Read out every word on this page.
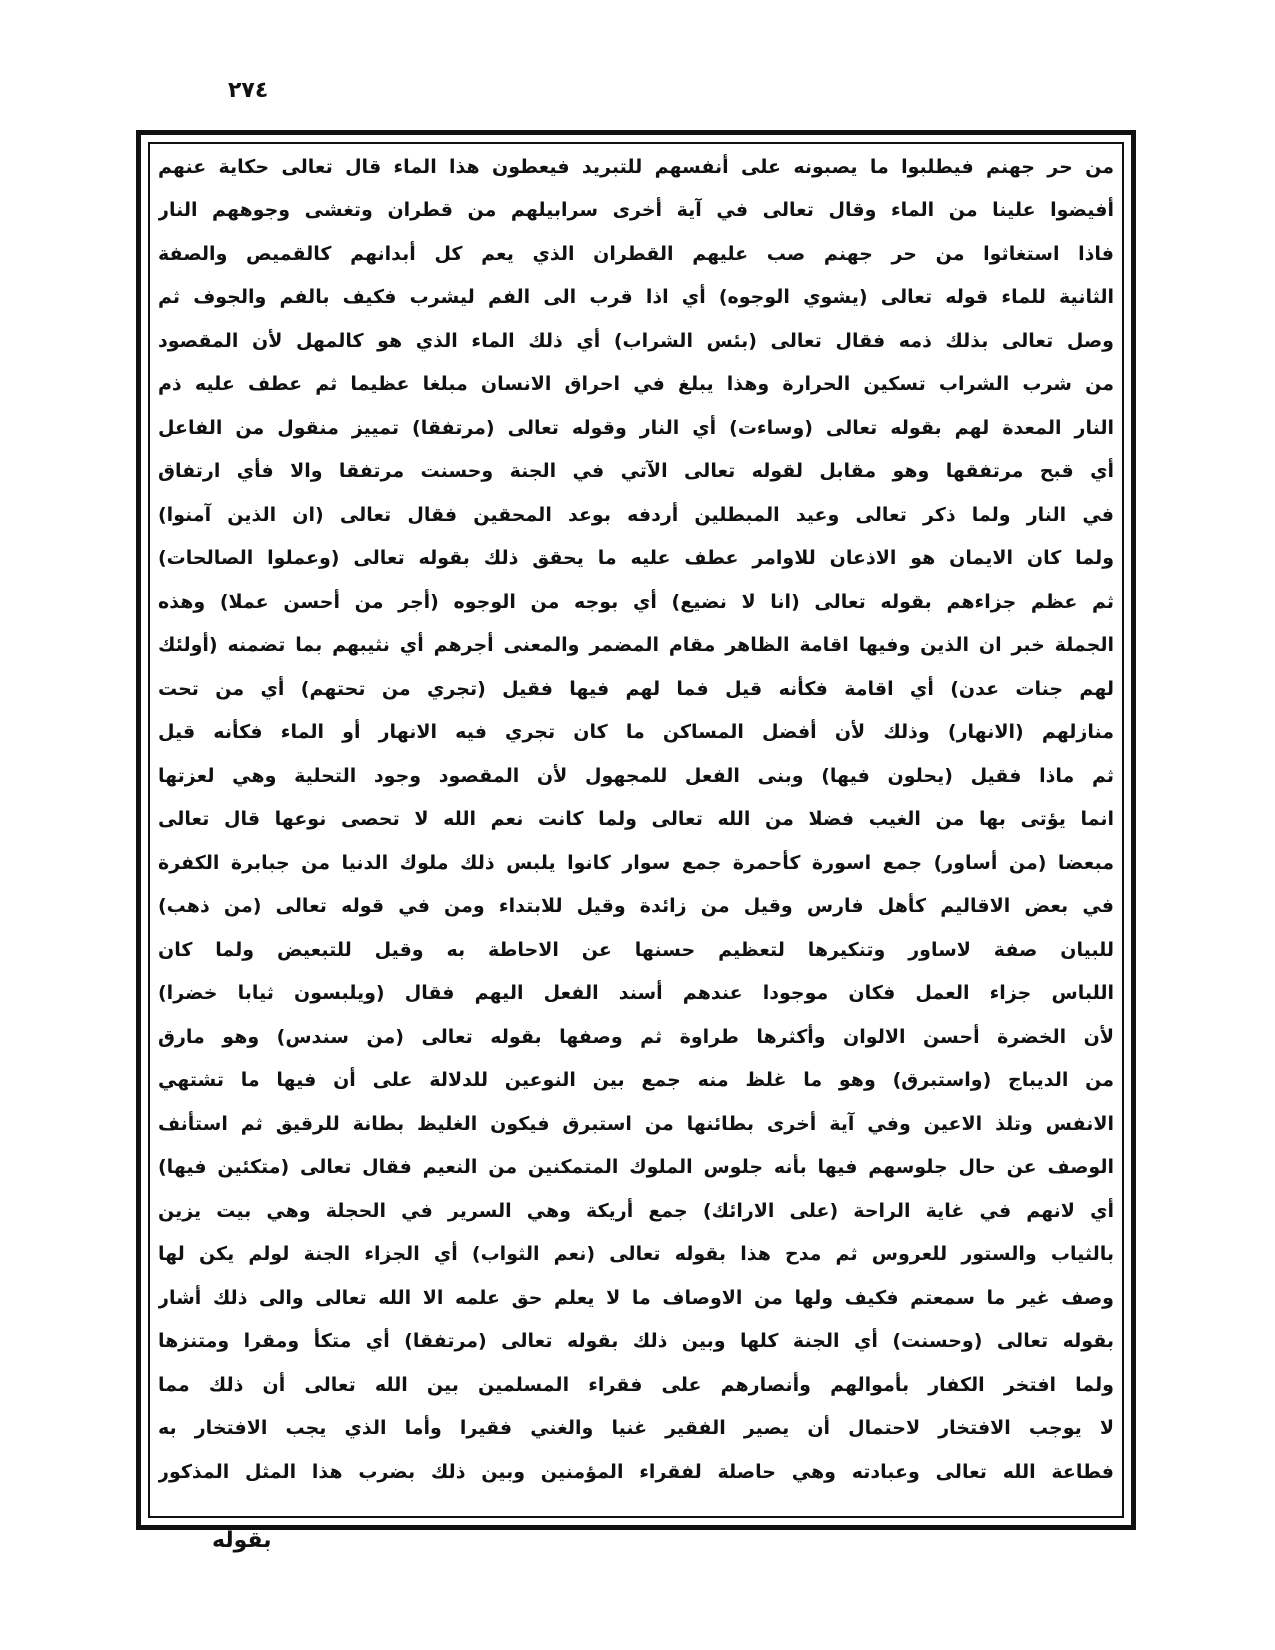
٢٧٤
من حر جهنم فيطلبوا ما يصبونه على أنفسهم للتبريد فيعطون هذا الماء قال تعالى حكاية عنهم
أفيضوا علينا من الماء وقال تعالى في آية أخرى سرابيلهم من قطران وتغشى وجوههم النار
فاذا استغاثوا من حر جهنم صب عليهم القطران الذي يعم كل أبدانهم كالقميص والصفة
الثانية للماء قوله تعالى (يشوي الوجوه) أي اذا قرب الى الفم ليشرب فكيف بالفم والجوف ثم
وصل تعالى بذلك ذمه فقال تعالى (بئس الشراب) أي ذلك الماء الذي هو كالمهل لأن المقصود
من شرب الشراب تسكين الحرارة وهذا يبلغ في احراق الانسان مبلغا عظيما ثم عطف عليه ذم
النار المعدة لهم بقوله تعالى (وساءت) أي النار وقوله تعالى (مرتفقا) تمييز منقول من الفاعل
أي قبح مرتفقها وهو مقابل لقوله تعالى الآتي في الجنة وحسنت مرتفقا والا فأي ارتفاق
في النار ولما ذكر تعالى وعيد المبطلين أردفه بوعد المحقين فقال تعالى (ان الذين آمنوا)
ولما كان الايمان هو الاذعان للاوامر عطف عليه ما يحقق ذلك بقوله تعالى (وعملوا الصالحات)
ثم عظم جزاءهم بقوله تعالى (انا لا نضيع) أي بوجه من الوجوه (أجر من أحسن عملا) وهذه
الجملة خبر ان الذين وفيها اقامة الظاهر مقام المضمر والمعنى أجرهم أي نثيبهم بما تضمنه (أولئك
لهم جنات عدن) أي اقامة فكأنه قيل فما لهم فيها فقيل (تجري من تحتهم) أي من تحت
منازلهم (الانهار) وذلك لأن أفضل المساكن ما كان تجري فيه الانهار أو الماء فكأنه قيل
ثم ماذا فقيل (يحلون فيها) وبنى الفعل للمجهول لأن المقصود وجود التحلية وهي لعزتها
انما يؤتى بها من الغيب فضلا من الله تعالى ولما كانت نعم الله لا تحصى نوعها قال تعالى
مبعضا (من أساور) جمع اسورة كأحمرة جمع سوار كانوا يلبس ذلك ملوك الدنيا من جبابرة الكفرة
في بعض الاقاليم كأهل فارس وقيل من زائدة وقيل للابتداء ومن في قوله تعالى (من ذهب)
للبيان صفة لاساور وتنكيرها لتعظيم حسنها عن الاحاطة به وقيل للتبعيض ولما كان
اللباس جزاء العمل فكان موجودا عندهم أسند الفعل اليهم فقال (ويلبسون ثيابا خضرا)
لأن الخضرة أحسن الالوان وأكثرها طراوة ثم وصفها بقوله تعالى (من سندس) وهو مارق
من الديباج (واستبرق) وهو ما غلظ منه جمع بين النوعين للدلالة على أن فيها ما تشتهي
الانفس وتلذ الاعين وفي آية أخرى بطائنها من استبرق فيكون الغليظ بطانة للرقيق ثم استأنف
الوصف عن حال جلوسهم فيها بأنه جلوس الملوك المتمكنين من النعيم فقال تعالى (متكئين فيها)
أي لانهم في غاية الراحة (على الارائك) جمع أريكة وهي السرير في الحجلة وهي بيت يزين
بالثياب والستور للعروس ثم مدح هذا بقوله تعالى (نعم الثواب) أي الجزاء الجنة لولم يكن لها
وصف غير ما سمعتم فكيف ولها من الاوصاف ما لا يعلم حق علمه الا الله تعالى والى ذلك أشار
بقوله تعالى (وحسنت) أي الجنة كلها وبين ذلك بقوله تعالى (مرتفقا) أي متكأ ومقرا ومتنزها
ولما افتخر الكفار بأموالهم وأنصارهم على فقراء المسلمين بين الله تعالى أن ذلك مما
لا يوجب الافتخار لاحتمال أن يصير الفقير غنيا والغني فقيرا وأما الذي يجب الافتخار به
فطاعة الله تعالى وعبادته وهي حاصلة لفقراء المؤمنين وبين ذلك بضرب هذا المثل المذكور
بقوله
